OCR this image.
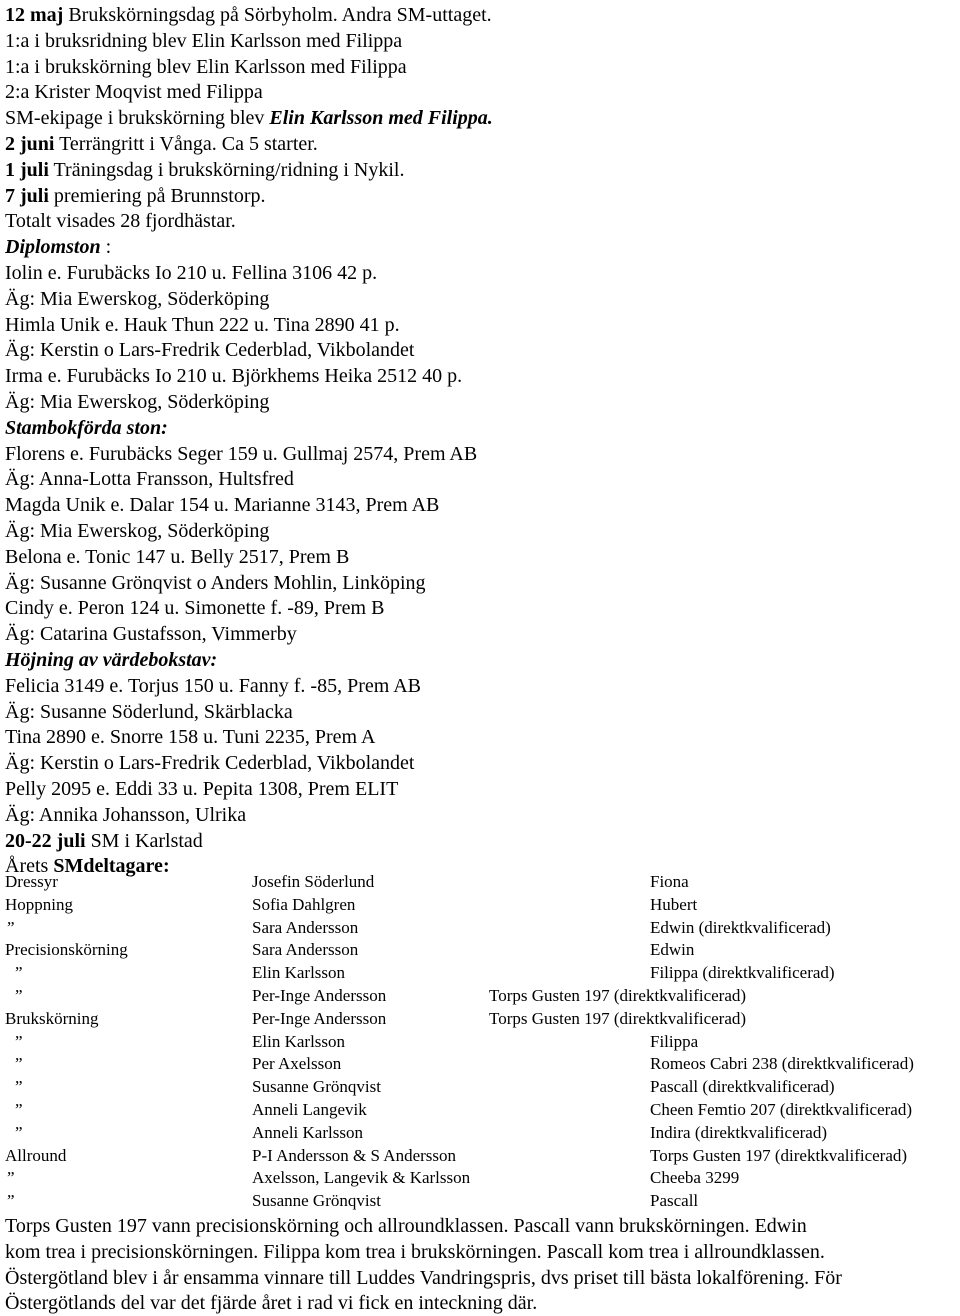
12 maj Brukskörningsdag på Sörbyholm. Andra SM-uttaget.
1:a i bruksridning blev Elin Karlsson med Filippa
1:a i brukskörning blev Elin Karlsson med Filippa
2:a Krister Moqvist med Filippa
SM-ekipage i brukskörning blev Elin Karlsson med Filippa.
2 juni Terrängritt i Vånga. Ca 5 starter.
1 juli Träningsdag i brukskörning/ridning i Nykil.
7 juli premiering på Brunnstorp.
Totalt visades 28 fjordhästar.
Diplomston :
Iolin e. Furubäcks Io 210 u. Fellina 3106 42 p.
Äg: Mia Ewerskog, Söderköping
Himla Unik e. Hauk Thun 222 u. Tina 2890 41 p.
Äg: Kerstin o Lars-Fredrik Cederblad, Vikbolandet
Irma e. Furubäcks Io 210 u. Björkhems Heika 2512 40 p.
Äg: Mia Ewerskog, Söderköping
Stambokförda ston:
Florens e. Furubäcks Seger 159 u. Gullmaj 2574, Prem AB
Äg: Anna-Lotta Fransson, Hultsfred
Magda Unik e. Dalar 154 u. Marianne 3143, Prem AB
Äg: Mia Ewerskog, Söderköping
Belona e. Tonic 147 u. Belly 2517, Prem B
Äg: Susanne Grönqvist o Anders Mohlin, Linköping
Cindy e. Peron 124 u. Simonette f. -89, Prem B
Äg: Catarina Gustafsson, Vimmerby
Höjning av värdebokstav:
Felicia 3149 e. Torjus 150 u. Fanny f. -85, Prem AB
Äg: Susanne Söderlund, Skärblacka
Tina 2890 e. Snorre 158 u. Tuni 2235, Prem A
Äg: Kerstin o Lars-Fredrik Cederblad, Vikbolandet
Pelly 2095 e. Eddi 33 u. Pepita 1308, Prem ELIT
Äg: Annika Johansson, Ulrika
20-22 juli SM i Karlstad
Årets SMdeltagare:
Dressyr	Josefin Söderlund	Fiona
Hoppning	Sofia Dahlgren	Hubert
”	Sara Andersson	Edwin (direktkvalificerad)
Precisionskörning	Sara Andersson	Edwin
”	Elin Karlsson	Filippa (direktkvalificerad)
”	Per-Inge Andersson	Torps Gusten 197 (direktkvalificerad)
Brukskörning	Per-Inge Andersson	Torps Gusten 197 (direktkvalificerad)
”	Elin Karlsson	Filippa
”	Per Axelsson	Romeos Cabri 238 (direktkvalificerad)
”	Susanne Grönqvist	Pascall (direktkvalificerad)
”	Anneli Langevik	Cheen Femtio 207 (direktkvalificerad)
”	Anneli Karlsson	Indira (direktkvalificerad)
Allround	P-I Andersson & S Andersson	Torps Gusten 197 (direktkvalificerad)
”	Axelsson, Langevik & Karlsson	Cheeba 3299
”	Susanne Grönqvist	Pascall
Torps Gusten 197 vann precisionskörning och allroundklassen. Pascall vann brukskörningen. Edwin
kom trea i precisionskörningen. Filippa kom trea i brukskörningen. Pascall kom trea i allroundklassen.
Östergötland blev i år ensamma vinnare till Luddes Vandringspris, dvs priset till bästa lokalförening. För
Östergötlands del var det fjärde året i rad vi fick en inteckning där.
